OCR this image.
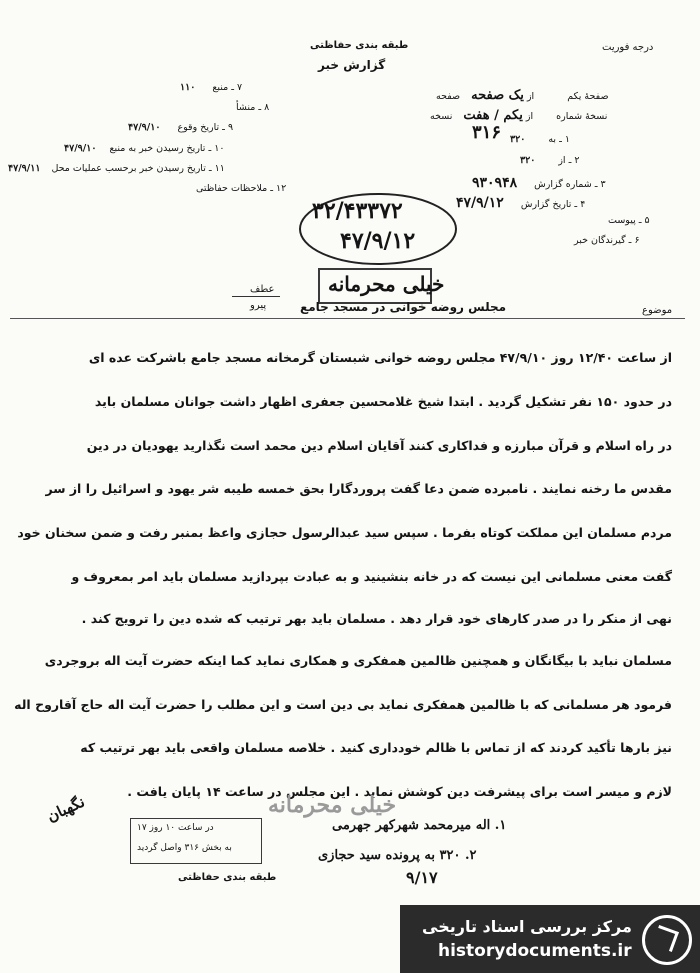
طبقه بندی حفاظتی
گزارش خبر
درجه فوریت
۷ ـ منبع ۱۱۰
۸ ـ منشأ
۹ ـ تاریخ وقوع ۴۷/۹/۱۰
۱۰ ـ تاریخ رسیدن خبر به منبع ۴۷/۹/۱۰
۱۱ ـ تاریخ رسیدن خبر برحسب عملیات محل ۴۷/۹/۱۱
۱۲ ـ ملاحظات حفاظتی
صفحهٔ یکم از یک صفحه صفحه
نسخهٔ شماره از یکم / هفت نسخه
۱ ـ به ۳۲۰
۲ ـ از ۳۲۰
۳ ـ شماره گزارش ۹۳۰۹۴۸
۴ ـ تاریخ گزارش ۴۷/۹/۱۲
۵ ـ پیوست
۶ ـ گیرندگان خبر
۳۱۶
۳۲/۴۳۳۷۲
۴۷/۹/۱۲
عطف
پیرو
خیلی محرمانه
موضوع
مجلس روضه خوانی در مسجد جامع
از ساعت ۱۲/۴۰ روز ۴۷/۹/۱۰ مجلس روضه خوانی شبستان گرمخانه مسجد جامع باشرکت عده ای
در حدود ۱۵۰ نفر تشکیل گردید . ابتدا شیخ غلامحسین جعفری اظهار داشت جوانان مسلمان باید
در راه اسلام و قرآن مبارزه و فداکاری کنند آقایان اسلام دین محمد است نگذارید یهودیان در دین
مقدس ما رخنه نمایند . نامبرده ضمن دعا گفت پروردگارا بحق خمسه طیبه شر یهود و اسرائیل را از سر
مردم مسلمان این مملکت کوتاه بفرما . سپس سید عبدالرسول حجازی واعظ بمنبر رفت و ضمن سخنان خود
گفت معنی مسلمانی این نیست که در خانه بنشینید و به عبادت بپردازید مسلمان باید امر بمعروف و
نهی از منکر را در صدر کارهای خود قرار دهد . مسلمان باید بهر ترتیب که شده دین را ترویج کند .
مسلمان نباید با بیگانگان و همچنین ظالمین همفکری و همکاری نماید کما اینکه حضرت آیت اله بروجردی
فرمود هر مسلمانی که با ظالمین همفکری نماید بی دین است و این مطلب را حضرت آیت اله حاج آقاروح اله
نیز بارها تأکید کردند که از تماس با ظالم خودداری کنید . خلاصه مسلمان واقعی باید بهر ترتیب که
لازم و میسر است برای پیشرفت دین کوشش نماید . این مجلس در ساعت ۱۴ پایان یافت .
خیلی محرمانه
در ساعت ۱۰ روز ۱۷
به بخش ۳۱۶ واصل گردید
طبقه بندی حفاظتی
۱. اله میرمحمد شهرکهر جهرمی
۲. ۳۲۰ به پرونده سید حجازی
۹/۱۷
نگهبان
مرکز بررسی اسناد تاریخی
historydocuments.ir
